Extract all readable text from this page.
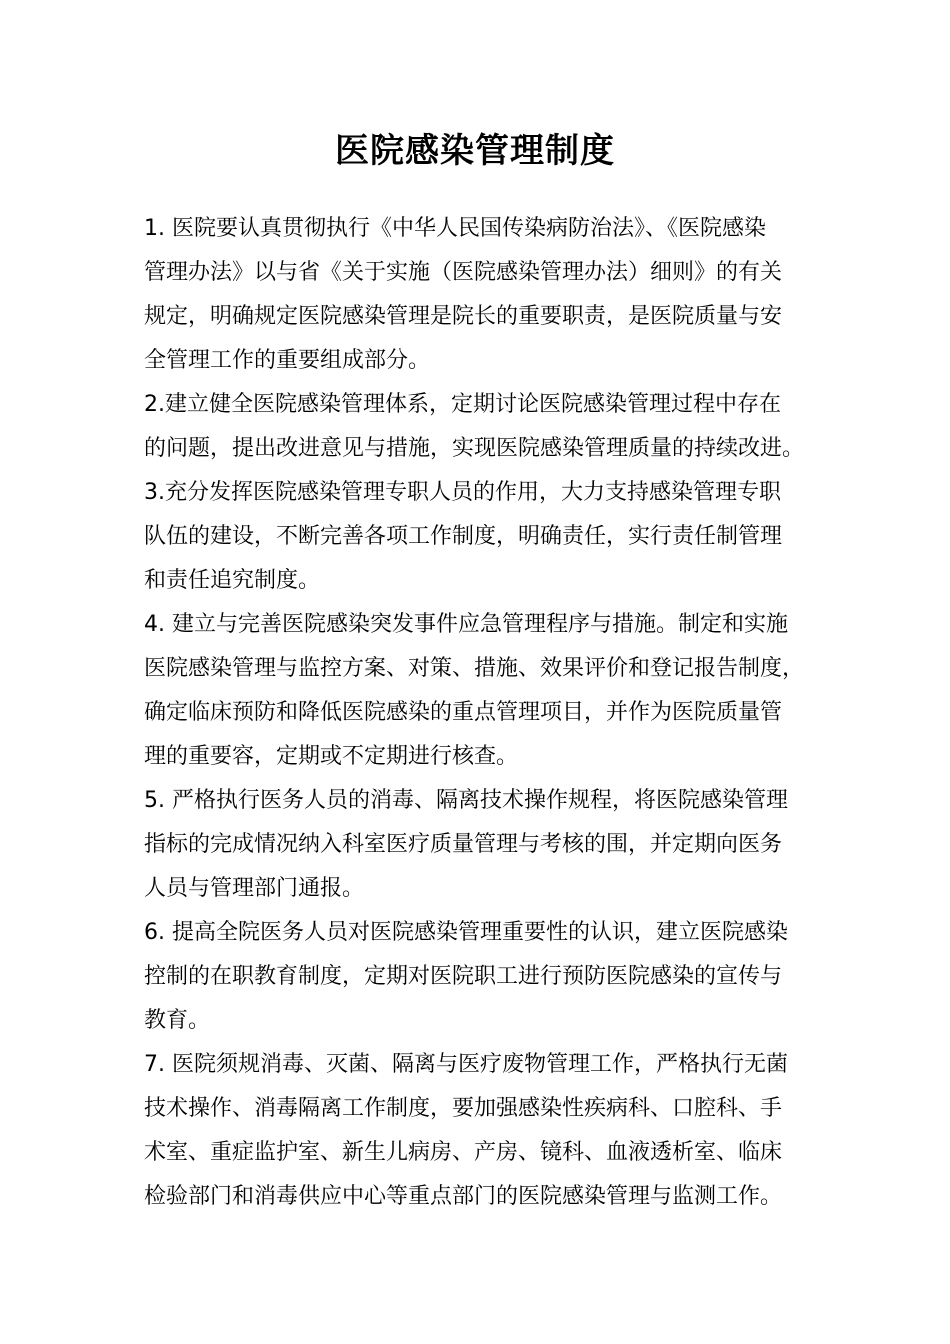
医院感染管理制度

1. 医院要认真贯彻执行《中华人民国传染病防治法》、《医院感染
管理办法》以与省《关于实施（医院感染管理办法）细则》的有关
规定，明确规定医院感染管理是院长的重要职责，是医院质量与安
全管理工作的重要组成部分。

2.建立健全医院感染管理体系，定期讨论医院感染管理过程中存在
的问题，提出改进意见与措施，实现医院感染管理质量的持续改进。

3.充分发挥医院感染管理专职人员的作用，大力支持感染管理专职
队伍的建设，不断完善各项工作制度，明确责任，实行责任制管理
和责任追究制度。

4. 建立与完善医院感染突发事件应急管理程序与措施。制定和实施
医院感染管理与监控方案、对策、措施、效果评价和登记报告制度，
确定临床预防和降低医院感染的重点管理项目，并作为医院质量管
理的重要容，定期或不定期进行核查。

5. 严格执行医务人员的消毒、隔离技术操作规程，将医院感染管理
指标的完成情况纳入科室医疗质量管理与考核的围，并定期向医务
人员与管理部门通报。

6. 提高全院医务人员对医院感染管理重要性的认识，建立医院感染
控制的在职教育制度，定期对医院职工进行预防医院感染的宣传与
教育。

7. 医院须规消毒、灭菌、隔离与医疗废物管理工作，严格执行无菌
技术操作、消毒隔离工作制度，要加强感染性疾病科、口腔科、手
术室、重症监护室、新生儿病房、产房、镜科、血液透析室、临床
检验部门和消毒供应中心等重点部门的医院感染管理与监测工作。
